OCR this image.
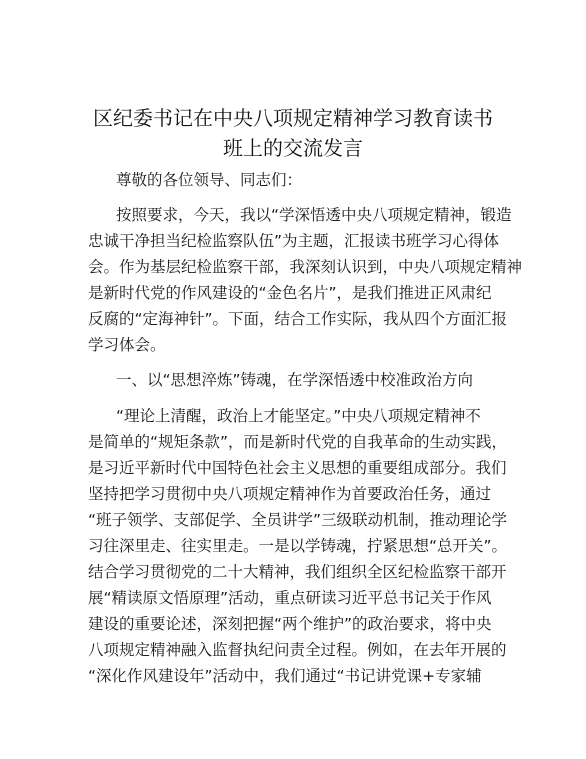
区纪委书记在中央八项规定精神学习教育读书
班上的交流发言
尊敬的各位领导、同志们：
按照要求，今天，我以“学深悟透中央八项规定精神，锻造
忠诚干净担当纪检监察队伍”为主题，汇报读书班学习心得体
会。作为基层纪检监察干部，我深刻认识到，中央八项规定精神
是新时代党的作风建设的“金色名片”，是我们推进正风肃纪
反腐的“定海神针”。下面，结合工作实际，我从四个方面汇报
学习体会。
一、以“思想淬炼”铸魂，在学深悟透中校准政治方向
“理论上清醒，政治上才能坚定。”中央八项规定精神不
是简单的“规矩条款”，而是新时代党的自我革命的生动实践，
是习近平新时代中国特色社会主义思想的重要组成部分。我们
坚持把学习贯彻中央八项规定精神作为首要政治任务，通过
“班子领学、支部促学、全员讲学”三级联动机制，推动理论学
习往深里走、往实里走。一是以学铸魂，拧紧思想“总开关”。
结合学习贯彻党的二十大精神，我们组织全区纪检监察干部开
展“精读原文悟原理”活动，重点研读习近平总书记关于作风
建设的重要论述，深刻把握“两个维护”的政治要求，将中央
八项规定精神融入监督执纪问责全过程。例如，在去年开展的
“深化作风建设年”活动中，我们通过“书记讲党课+专家辅
